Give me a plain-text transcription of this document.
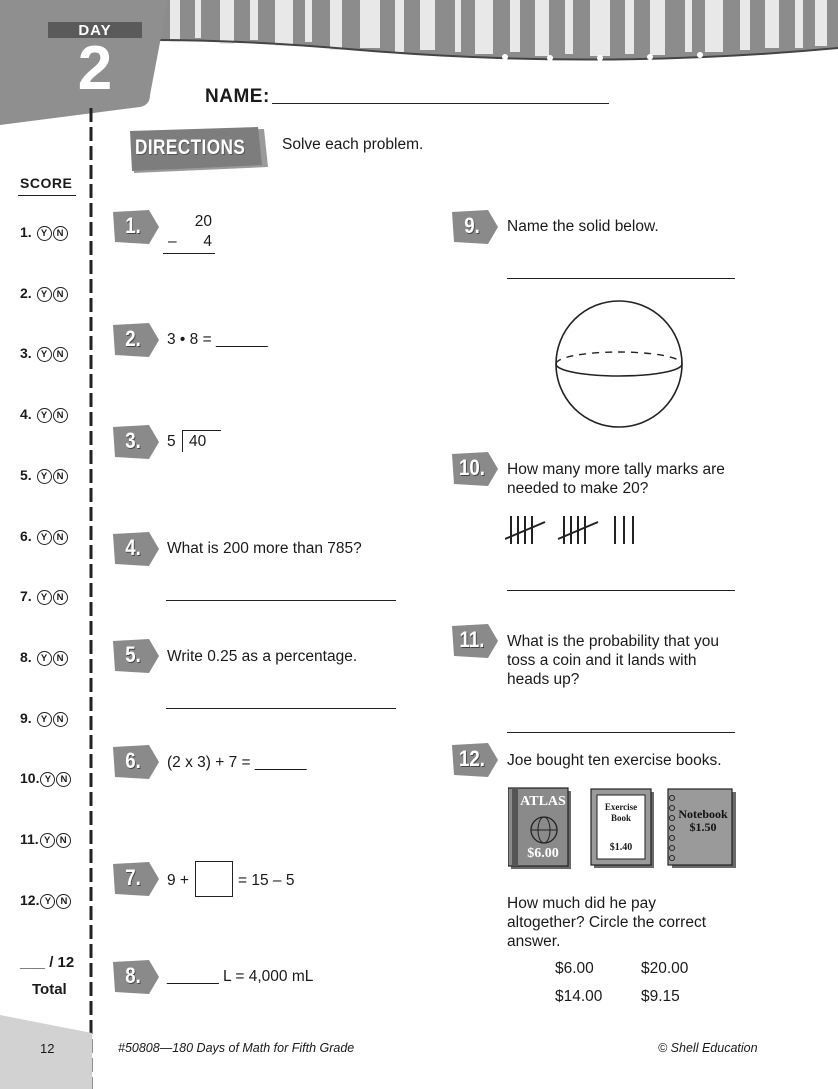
DAY
2	NAME:
DIRECTIONS Solve each problem.
SCORE
1. Y N
2. Y N
3. Y N
4. Y N
5. Y N
6. Y N
7. Y N
8. Y N
9. Y N
10. Y N
11. Y N
12. Y N
___ / 12
Total
1.	20
–	4
2.	3 • 8 = ______
3.	5 40
4.	What is 200 more than 785?
5.	Write 0.25 as a percentage.
6.	(2 x 3) + 7 = ______
7.	9 +	= 15 – 5
8.	______ L = 4,000 mL
9.	Name the solid below.
10. How many more tally marks are
needed to make 20?
11. What is the probability that you
toss a coin and it lands with
heads up?
12. Joe bought ten exercise books.
ATLAS
$6.00
Exercise
Book
$1.40
Notebook
$1.50
How much did he pay
altogether? Circle the correct
answer.
$6.00	$20.00
$14.00 $9.15
12	#50808—180 Days of Math for Fifth Grade	© Shell Education
